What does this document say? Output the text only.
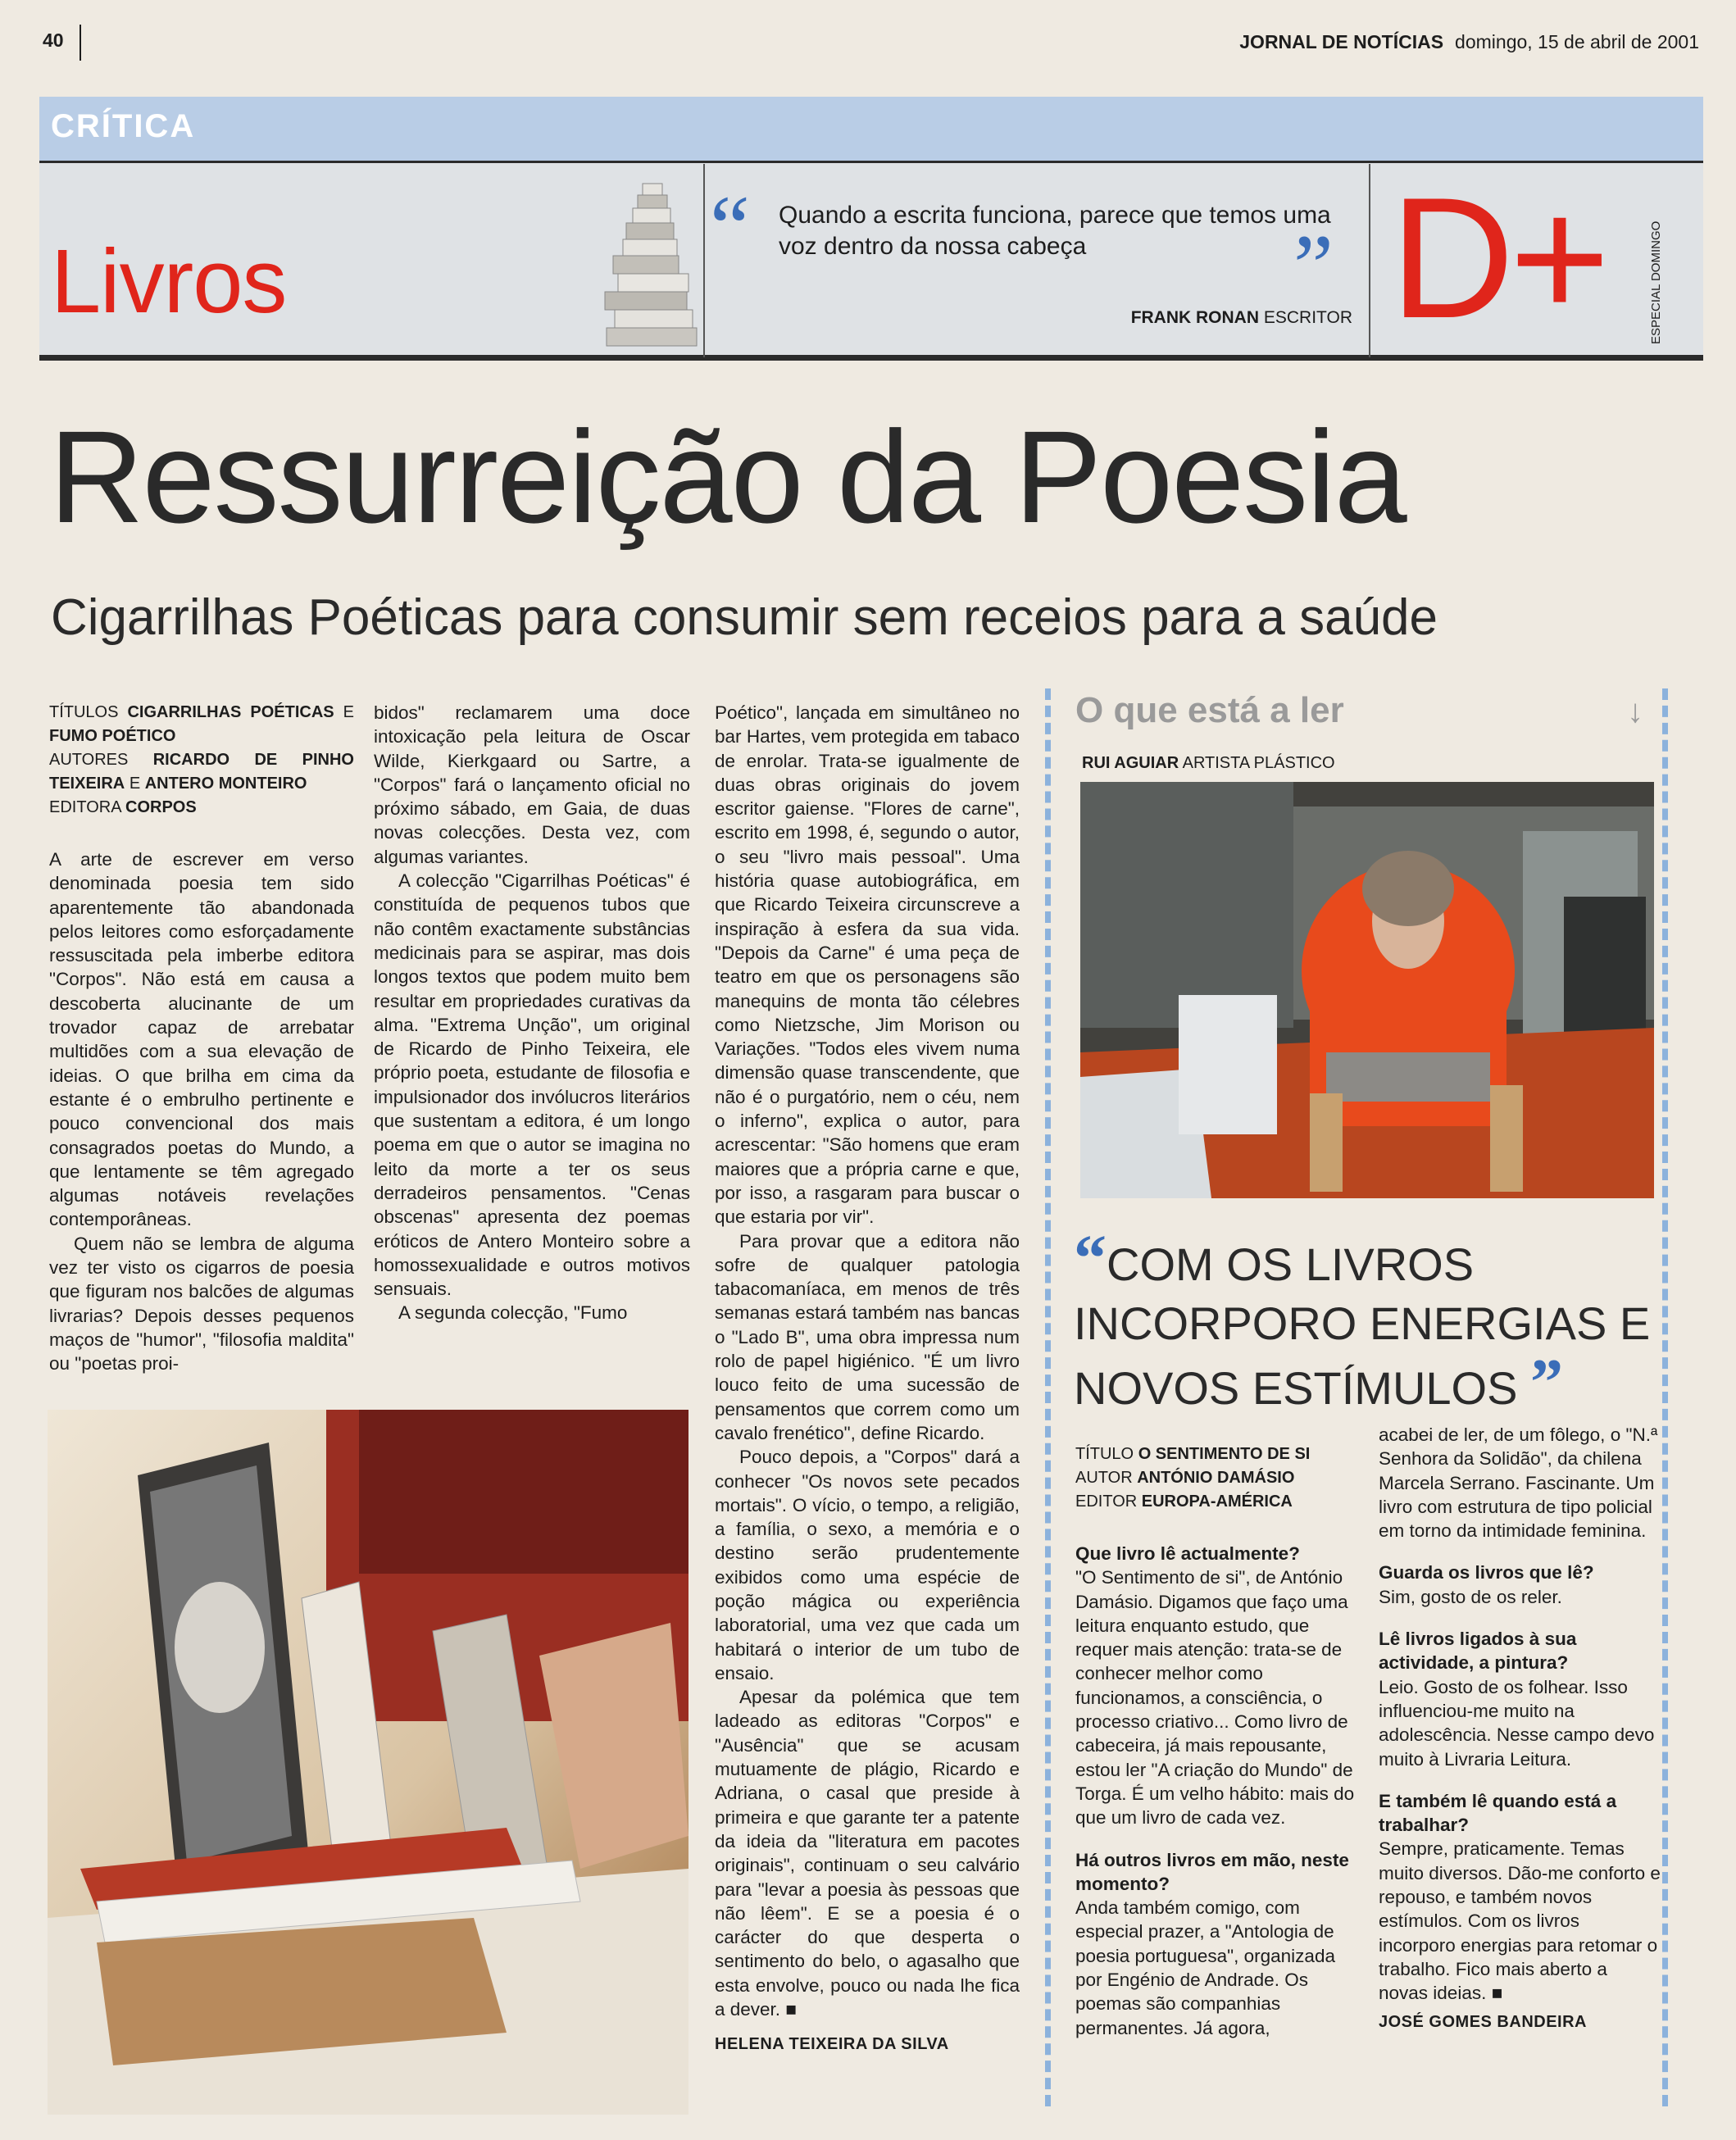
40	JORNAL DE NOTÍCIAS domingo, 15 de abril de 2001
CRÍTICA
Livros
“ Quando a escrita funciona, parece que temos uma voz dentro da nossa cabeça	”
FRANK RONAN ESCRITOR D+	ESPECIAL DOMINGO
Ressurreição da Poesia
Cigarrilhas Poéticas para consumir sem receios para a saúde
TÍTULOS CIGARRILHAS POÉTICAS E FUMO POÉTICO
AUTORES RICARDO DE PINHO TEIXEIRA E ANTERO MONTEIRO
EDITORA CORPOS

A arte de escrever em verso denominada poesia tem sido aparentemente tão abandonada pelos leitores como esforçadamente ressuscitada pela imberbe editora "Corpos". Não está em causa a descoberta alucinante de um trovador capaz de arrebatar multidões com a sua elevação de ideias. O que brilha em cima da estante é o embrulho pertinente e pouco convencional dos mais consagrados poetas do Mundo, a que lentamente se têm agregado algumas notáveis revelações contemporâneas.

Quem não se lembra de alguma vez ter visto os cigarros de poesia que figuram nos balcões de algumas livrarias? Depois desses pequenos maços de "humor", "filosofia maldita" ou "poetas proi-

bidos" reclamarem uma doce intoxicação pela leitura de Oscar Wilde, Kierkgaard ou Sartre, a "Corpos" fará o lançamento oficial no próximo sábado, em Gaia, de duas novas colecções. Desta vez, com algumas variantes.

A colecção "Cigarrilhas Poéticas" é constituída de pequenos tubos que não contêm exactamente substâncias medicinais para se aspirar, mas dois longos textos que podem muito bem resultar em propriedades curativas da alma. "Extrema Unção", um original de Ricardo de Pinho Teixeira, ele próprio poeta, estudante de filosofia e impulsionador dos invólucros literários que sustentam a editora, é um longo poema em que o autor se imagina no leito da morte a ter os seus derradeiros pensamentos. "Cenas obscenas" apresenta dez poemas eróticos de Antero Monteiro sobre a homossexualidade e outros motivos sensuais.

A segunda colecção, "Fumo

Poético", lançada em simultâneo no bar Hartes, vem protegida em tabaco de enrolar. Trata-se igualmente de duas obras originais do jovem escritor gaiense. "Flores de carne", escrito em 1998, é, segundo o autor, o seu "livro mais pessoal". Uma história quase autobiográfica, em que Ricardo Teixeira circunscreve a inspiração à esfera da sua vida. "Depois da Carne" é uma peça de teatro em que os personagens são manequins de monta tão célebres como Nietzsche, Jim Morison ou Variações. "Todos eles vivem numa dimensão quase transcendente, que não é o purgatório, nem o céu, nem o inferno", explica o autor, para acrescentar: "São homens que eram maiores que a própria carne e que, por isso, a rasgaram para buscar o que estaria por vir".

Para provar que a editora não sofre de qualquer patologia tabacomaníaca, em menos de três semanas estará também nas bancas o "Lado B", uma obra impressa num rolo de papel higiénico. "É um livro louco feito de uma sucessão de pensamentos que correm como um cavalo frenético", define Ricardo.

Pouco depois, a "Corpos" dará a conhecer "Os novos sete pecados mortais". O vício, o tempo, a religião, a família, o sexo, a memória e o destino serão prudentemente exibidos como uma espécie de poção mágica ou experiência laboratorial, uma vez que cada um habitará o interior de um tubo de ensaio.

Apesar da polémica que tem ladeado as editoras "Corpos" e "Ausência" que se acusam mutuamente de plágio, Ricardo e Adriana, o casal que preside à primeira e que garante ter a patente da ideia da "literatura em pacotes originais", continuam o seu calvário para "levar a poesia às pessoas que não lêem". E se a poesia é o carácter do que desperta o sentimento do belo, o agasalho que esta envolve, pouco ou nada lhe fica a dever. ■

HELENA TEIXEIRA DA SILVA
O que está a ler	↓
RUI AGUIAR ARTISTA PLÁSTICO
“COM OS LIVROS INCORPORO ENERGIAS E NOVOS ESTÍMULOS ”
TÍTULO O SENTIMENTO DE SI
AUTOR ANTÓNIO DAMÁSIO
EDITOR EUROPA-AMÉRICA

Que livro lê actualmente?

"O Sentimento de si", de António Damásio. Digamos que faço uma leitura enquanto estudo, que requer mais atenção: trata-se de conhecer melhor como funcionamos, a consciência, o processo criativo... Como livro de cabeceira, já mais repousante, estou ler "A criação do Mundo" de Torga. É um velho hábito: mais do que um livro de cada vez.

Há outros livros em mão, neste momento?

Anda também comigo, com especial prazer, a "Antologia de poesia portuguesa", organizada por Engénio de Andrade. Os poemas são companhias permanentes. Já agora,

acabei de ler, de um fôlego, o "N.ª Senhora da Solidão", da chilena Marcela Serrano. Fascinante. Um livro com estrutura de tipo policial em torno da intimidade feminina.

Guarda os livros que lê?

Sim, gosto de os reler.

Lê livros ligados à sua actividade, a pintura?

Leio. Gosto de os folhear. Isso influenciou-me muito na adolescência. Nesse campo devo muito à Livraria Leitura.

E também lê quando está a trabalhar?

Sempre, praticamente. Temas muito diversos. Dão-me conforto e repouso, e também novos estímulos. Com os livros incorporo energias para retomar o trabalho. Fico mais aberto a novas ideias. ■

JOSÉ GOMES BANDEIRA
